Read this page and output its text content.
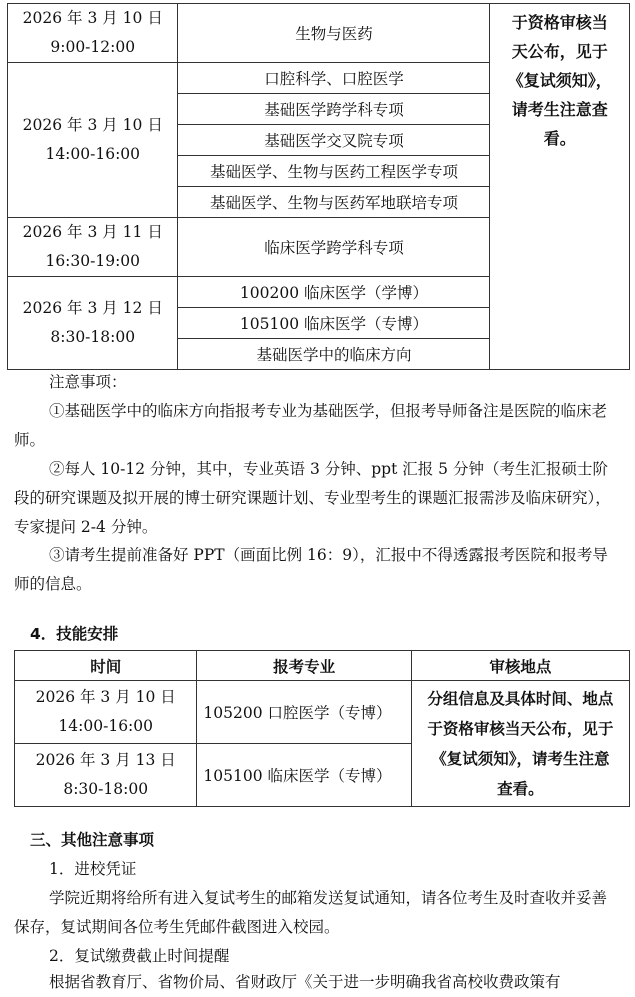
2026 年 3 月 10 日
9:00-12:00	生物与医药	于资格审核当
天公布，见于
《复试须知》，
请考生注意查
看。
2026 年 3 月 10 日
14:00-16:00	口腔科学、口腔医学	
	基础医学跨学科专项	
	基础医学交叉院专项	
	基础医学、生物与医药工程医学专项	
	基础医学、生物与医药军地联培专项	
2026 年 3 月 11 日
16:30-19:00	临床医学跨学科专项	
2026 年 3 月 12 日
8:30-18:00	100200 临床医学（学博）	
	105100 临床医学（专博）	
	基础医学中的临床方向	

注意事项：

①基础医学中的临床方向指报考专业为基础医学，但报考导师备注是医院的临床老师。

②每人 10-12 分钟，其中，专业英语 3 分钟、ppt 汇报 5 分钟（考生汇报硕士阶段的研究课题及拟开展的博士研究课题计划、专业型考生的课题汇报需涉及临床研究），专家提问 2-4 分钟。

③请考生提前准备好 PPT（画面比例 16：9），汇报中不得透露报考医院和报考导师的信息。

4．技能安排

时间	报考专业	审核地点
2026 年 3 月 10 日
14:00-16:00	105200 口腔医学（专博）	分组信息及具体时间、地点
于资格审核当天公布，见于
《复试须知》，请考生注意
查看。
2026 年 3 月 13 日
8:30-18:00	105100 临床医学（专博）	

三、其他注意事项

1．进校凭证

学院近期将给所有进入复试考生的邮箱发送复试通知，请各位考生及时查收并妥善保存，复试期间各位考生凭邮件截图进入校园。

2．复试缴费截止时间提醒

根据省教育厅、省物价局、省财政厅《关于进一步明确我省高校收费政策有
